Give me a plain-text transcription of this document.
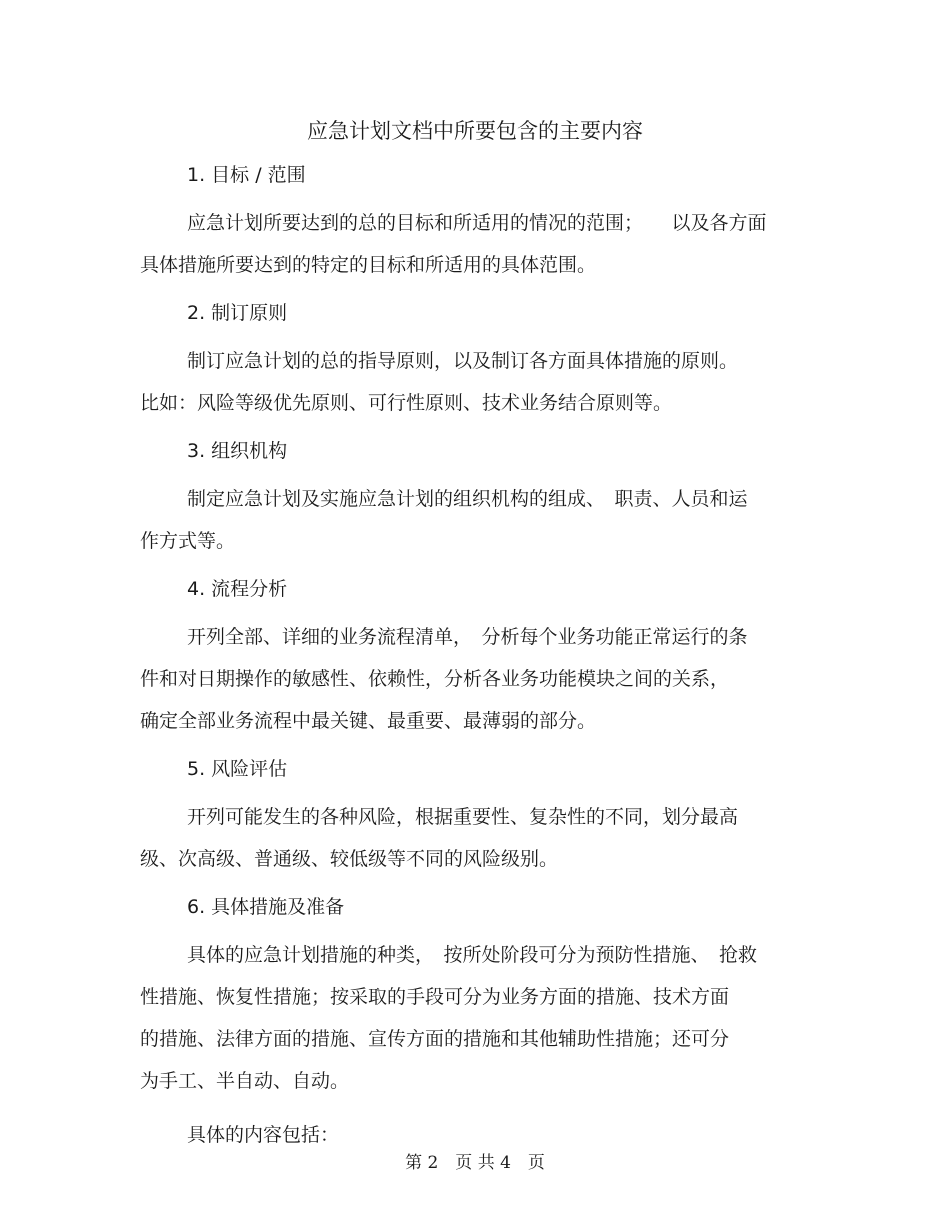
应急计划文档中所要包含的主要内容
1. 目标 / 范围
应急计划所要达到的总的目标和所适用的情况的范围；　　以及各方面
具体措施所要达到的特定的目标和所适用的具体范围。
2. 制订原则
制订应急计划的总的指导原则，以及制订各方面具体措施的原则。
比如：风险等级优先原则、可行性原则、技术业务结合原则等。
3. 组织机构
制定应急计划及实施应急计划的组织机构的组成、　职责、人员和运
作方式等。
4. 流程分析
开列全部、详细的业务流程清单，　分析每个业务功能正常运行的条
件和对日期操作的敏感性、依赖性，分析各业务功能模块之间的关系，
确定全部业务流程中最关键、最重要、最薄弱的部分。
5. 风险评估
开列可能发生的各种风险，根据重要性、复杂性的不同，划分最高
级、次高级、普通级、较低级等不同的风险级别。
6. 具体措施及准备
具体的应急计划措施的种类，　按所处阶段可分为预防性措施、　抢救
性措施、恢复性措施；按采取的手段可分为业务方面的措施、技术方面
的措施、法律方面的措施、宣传方面的措施和其他辅助性措施；还可分
为手工、半自动、自动。
具体的内容包括：
第 2　页 共 4　页
